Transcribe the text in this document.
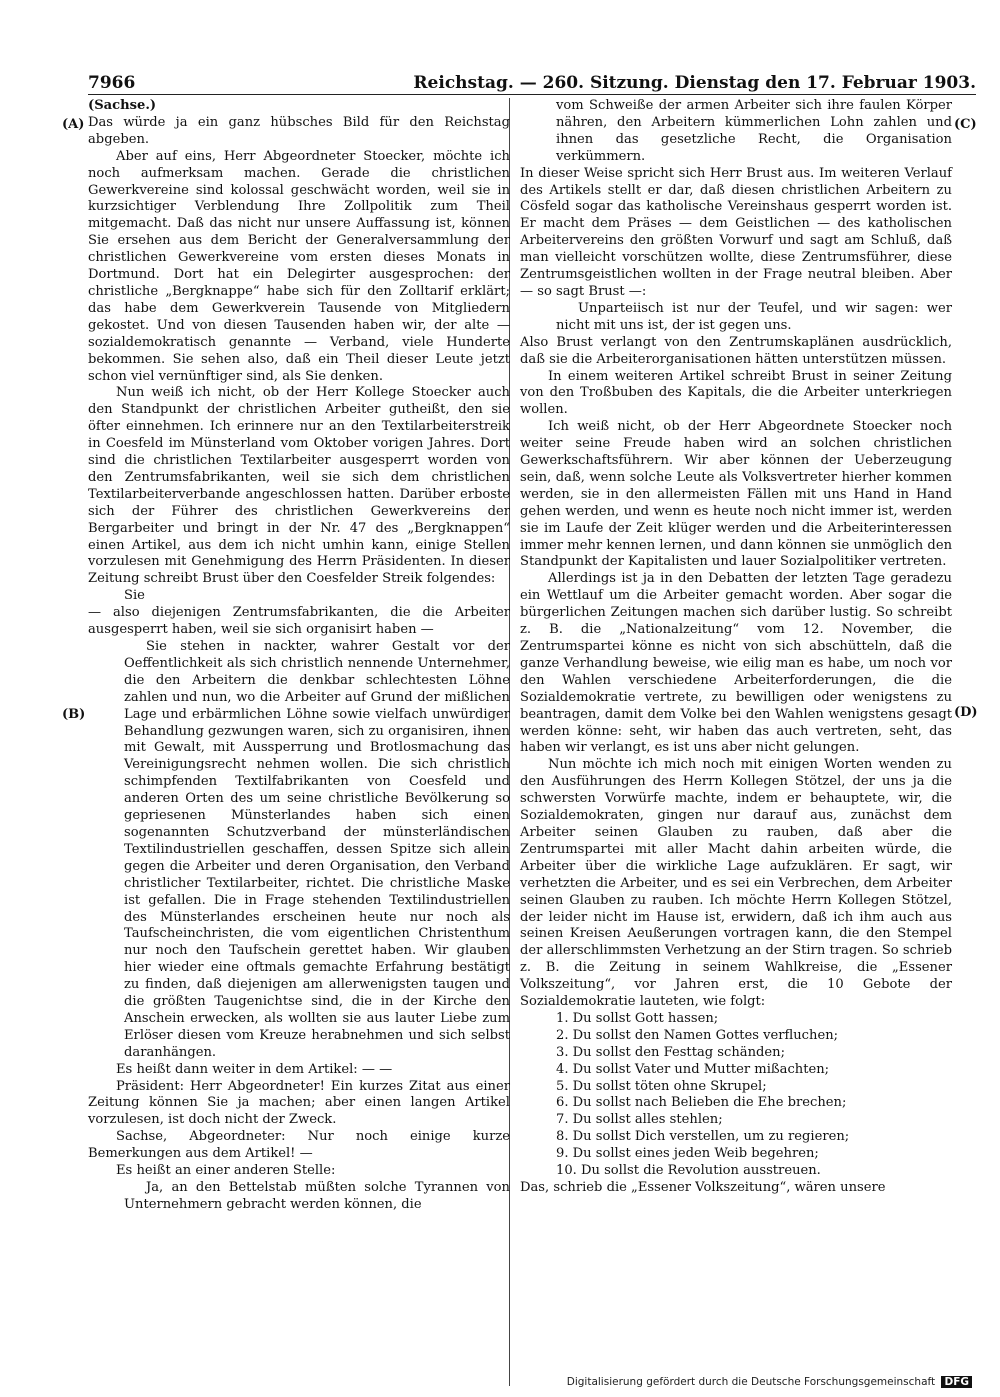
7966	Reichstag. — 260. Sitzung. Dienstag den 17. Februar 1903.
(A)
(B)
(C)
(D)

(Sachse.)

Das würde ja ein ganz hübsches Bild für den Reichstag abgeben.

Aber auf eins, Herr Abgeordneter Stoecker, möchte ich noch aufmerksam machen. Gerade die christlichen Gewerkvereine sind kolossal geschwächt worden, weil sie in kurzsichtiger Verblendung Ihre Zollpolitik zum Theil mitgemacht. Daß das nicht nur unsere Auffassung ist, können Sie ersehen aus dem Bericht der Generalversammlung der christlichen Gewerkvereine vom ersten dieses Monats in Dortmund. Dort hat ein Delegirter ausgesprochen: der christliche „Bergknappe“ habe sich für den Zolltarif erklärt; das habe dem Gewerkverein Tausende von Mitgliedern gekostet. Und von diesen Tausenden haben wir, der alte — sozialdemokratisch genannte — Verband, viele Hunderte bekommen. Sie sehen also, daß ein Theil dieser Leute jetzt schon viel vernünftiger sind, als Sie denken.

Nun weiß ich nicht, ob der Herr Kollege Stoecker auch den Standpunkt der christlichen Arbeiter gutheißt, den sie öfter einnehmen. Ich erinnere nur an den Textilarbeiterstreik in Coesfeld im Münsterland vom Oktober vorigen Jahres. Dort sind die christlichen Textilarbeiter ausgesperrt worden von den Zentrumsfabrikanten, weil sie sich dem christlichen Textilarbeiterverbande angeschlossen hatten. Darüber erboste sich der Führer des christlichen Gewerkvereins der Bergarbeiter und bringt in der Nr. 47 des „Bergknappen“ einen Artikel, aus dem ich nicht umhin kann, einige Stellen vorzulesen mit Genehmigung des Herrn Präsidenten. In dieser Zeitung schreibt Brust über den Coesfelder Streik folgendes:

Sie

— also diejenigen Zentrumsfabrikanten, die die Arbeiter ausgesperrt haben, weil sie sich organisirt haben —

Sie stehen in nackter, wahrer Gestalt vor der Oeffentlichkeit als sich christlich nennende Unternehmer, die den Arbeitern die denkbar schlechtesten Löhne zahlen und nun, wo die Arbeiter auf Grund der mißlichen Lage und erbärmlichen Löhne sowie vielfach unwürdiger Behandlung gezwungen waren, sich zu organisiren, ihnen mit Gewalt, mit Aussperrung und Brotlosmachung das Vereinigungsrecht nehmen wollen. Die sich christlich schimpfenden Textilfabrikanten von Coesfeld und anderen Orten des um seine christliche Bevölkerung so gepriesenen Münsterlandes haben sich einen sogenannten Schutzverband der münsterländischen Textilindustriellen geschaffen, dessen Spitze sich allein gegen die Arbeiter und deren Organisation, den Verband christlicher Textilarbeiter, richtet. Die christliche Maske ist gefallen. Die in Frage stehenden Textilindustriellen des Münsterlandes erscheinen heute nur noch als Taufscheinchristen, die vom eigentlichen Christenthum nur noch den Taufschein gerettet haben. Wir glauben hier wieder eine oftmals gemachte Erfahrung bestätigt zu finden, daß diejenigen am allerwenigsten taugen und die größten Taugenichtse sind, die in der Kirche den Anschein erwecken, als wollten sie aus lauter Liebe zum Erlöser diesen vom Kreuze herabnehmen und sich selbst daranhängen.

Es heißt dann weiter in dem Artikel: — —

Präsident: Herr Abgeordneter! Ein kurzes Zitat aus einer Zeitung können Sie ja machen; aber einen langen Artikel vorzulesen, ist doch nicht der Zweck.

Sachse, Abgeordneter: Nur noch einige kurze Bemerkungen aus dem Artikel! —

Es heißt an einer anderen Stelle:

Ja, an den Bettelstab müßten solche Tyrannen von Unternehmern gebracht werden können, die

vom Schweiße der armen Arbeiter sich ihre faulen Körper nähren, den Arbeitern kümmerlichen Lohn zahlen und ihnen das gesetzliche Recht, die Organisation verkümmern.

In dieser Weise spricht sich Herr Brust aus. Im weiteren Verlauf des Artikels stellt er dar, daß diesen christlichen Arbeitern zu Cösfeld sogar das katholische Vereinshaus gesperrt worden ist. Er macht dem Präses — dem Geistlichen — des katholischen Arbeitervereins den größten Vorwurf und sagt am Schluß, daß man vielleicht vorschützen wollte, diese Zentrumsführer, diese Zentrumsgeistlichen wollten in der Frage neutral bleiben. Aber — so sagt Brust —:

Unparteiisch ist nur der Teufel, und wir sagen: wer nicht mit uns ist, der ist gegen uns.

Also Brust verlangt von den Zentrumskaplänen ausdrücklich, daß sie die Arbeiterorganisationen hätten unterstützen müssen.

In einem weiteren Artikel schreibt Brust in seiner Zeitung von den Troßbuben des Kapitals, die die Arbeiter unterkriegen wollen.

Ich weiß nicht, ob der Herr Abgeordnete Stoecker noch weiter seine Freude haben wird an solchen christlichen Gewerkschaftsführern. Wir aber können der Ueberzeugung sein, daß, wenn solche Leute als Volksvertreter hierher kommen werden, sie in den allermeisten Fällen mit uns Hand in Hand gehen werden, und wenn es heute noch nicht immer ist, werden sie im Laufe der Zeit klüger werden und die Arbeiterinteressen immer mehr kennen lernen, und dann können sie unmöglich den Standpunkt der Kapitalisten und lauer Sozialpolitiker vertreten.

Allerdings ist ja in den Debatten der letzten Tage geradezu ein Wettlauf um die Arbeiter gemacht worden. Aber sogar die bürgerlichen Zeitungen machen sich darüber lustig. So schreibt z. B. die „Nationalzeitung“ vom 12. November, die Zentrumspartei könne es nicht von sich abschütteln, daß die ganze Verhandlung beweise, wie eilig man es habe, um noch vor den Wahlen verschiedene Arbeiterforderungen, die die Sozialdemokratie vertrete, zu bewilligen oder wenigstens zu beantragen, damit dem Volke bei den Wahlen wenigstens gesagt werden könne: seht, wir haben das auch vertreten, seht, das haben wir verlangt, es ist uns aber nicht gelungen.

Nun möchte ich mich noch mit einigen Worten wenden zu den Ausführungen des Herrn Kollegen Stötzel, der uns ja die schwersten Vorwürfe machte, indem er behauptete, wir, die Sozialdemokraten, gingen nur darauf aus, zunächst dem Arbeiter seinen Glauben zu rauben, daß aber die Zentrumspartei mit aller Macht dahin arbeiten würde, die Arbeiter über die wirkliche Lage aufzuklären. Er sagt, wir verhetzten die Arbeiter, und es sei ein Verbrechen, dem Arbeiter seinen Glauben zu rauben. Ich möchte Herrn Kollegen Stötzel, der leider nicht im Hause ist, erwidern, daß ich ihm auch aus seinen Kreisen Aeußerungen vortragen kann, die den Stempel der allerschlimmsten Verhetzung an der Stirn tragen. So schrieb z. B. die Zeitung in seinem Wahlkreise, die „Essener Volkszeitung“, vor Jahren erst, die 10 Gebote der Sozialdemokratie lauteten, wie folgt:

1. Du sollst Gott hassen;

2. Du sollst den Namen Gottes verfluchen;

3. Du sollst den Festtag schänden;

4. Du sollst Vater und Mutter mißachten;

5. Du sollst töten ohne Skrupel;

6. Du sollst nach Belieben die Ehe brechen;

7. Du sollst alles stehlen;

8. Du sollst Dich verstellen, um zu regieren;

9. Du sollst eines jeden Weib begehren;

10. Du sollst die Revolution ausstreuen.

Das, schrieb die „Essener Volkszeitung“, wären unsere

Digitalisierung gefördert durch die Deutsche Forschungsgemeinschaft DFG
